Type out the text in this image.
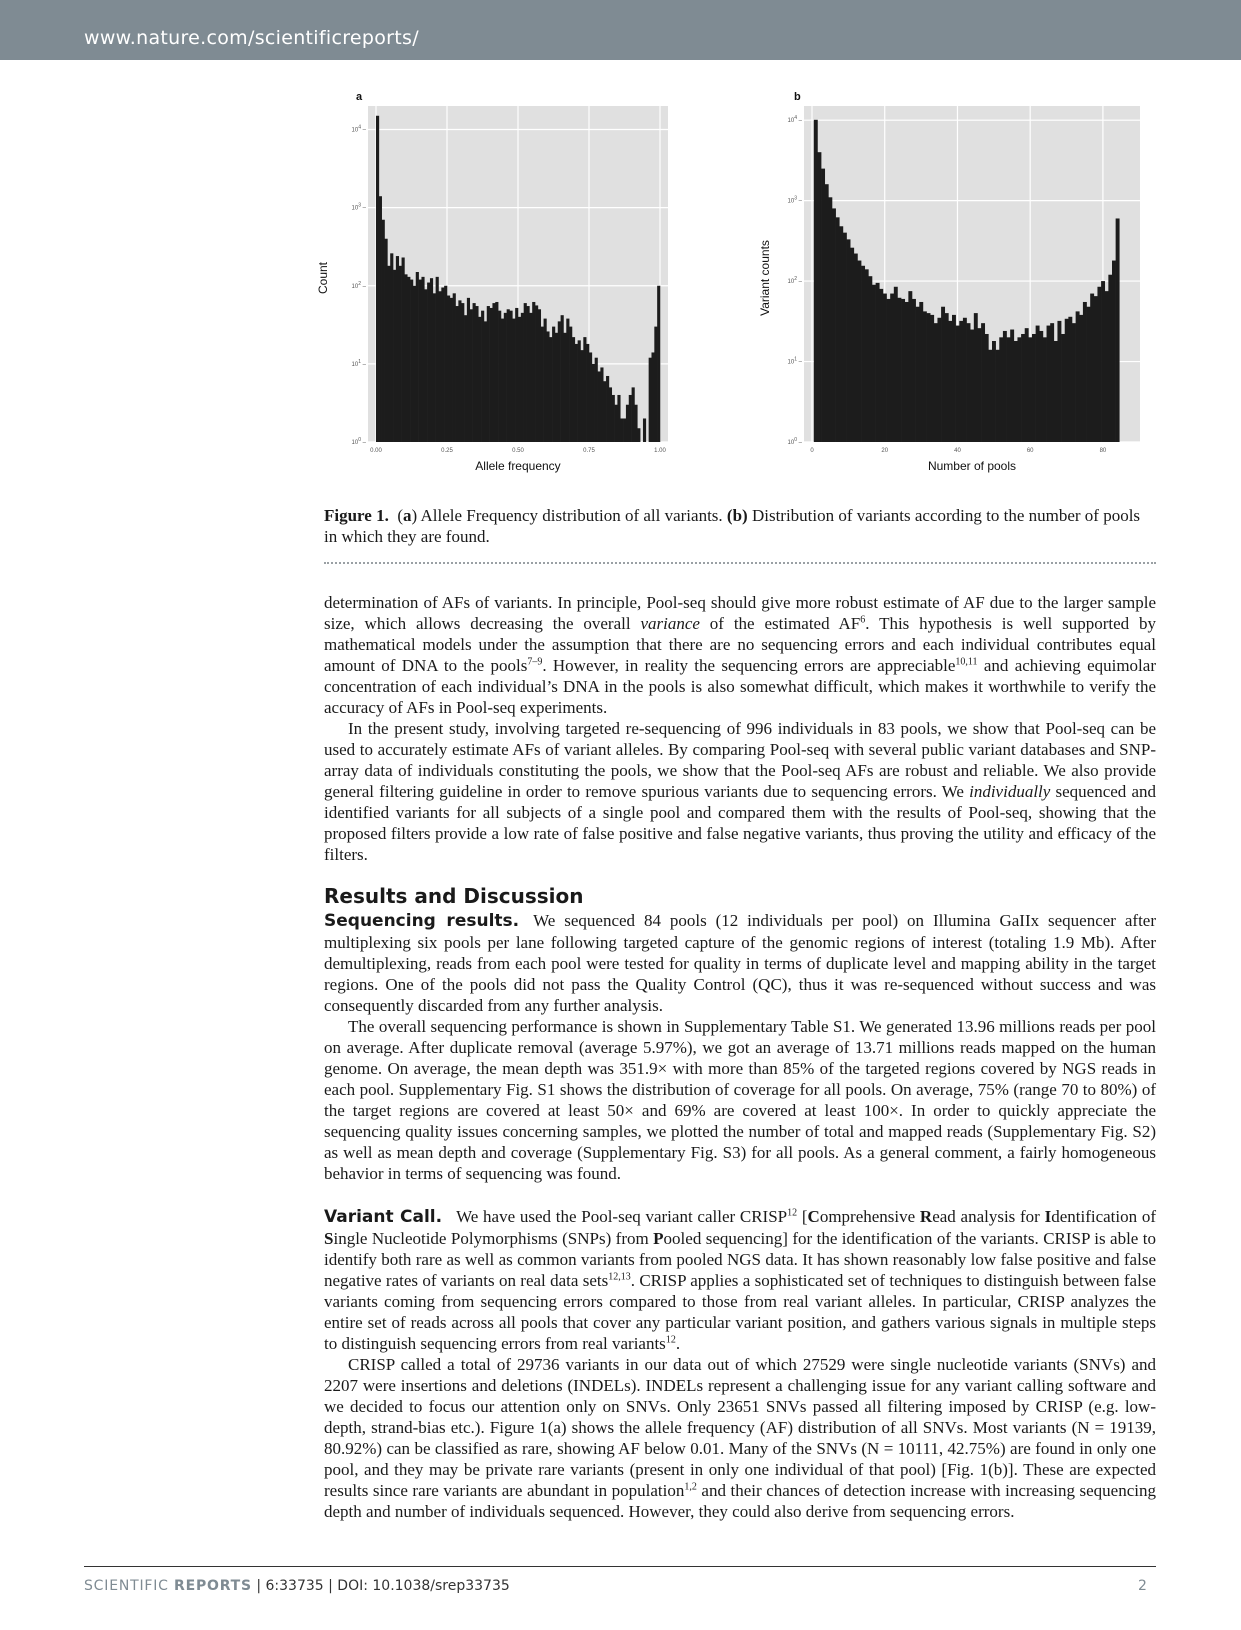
www.nature.com/scientificreports/
$10^0$ –
$10^1$ –
$10^2$ –
$10^3$ –
$10^4$ –
0.00	0.25	0.50	0.75	1.00
a
Allele frequency
Count
$10^0$ –
$10^1$ –
$10^2$ –
$10^3$ –
$10^4$ –
0	20	40	60	80
b
Number of pools
Variant counts
Figure 1.  (a) Allele Frequency distribution of all variants. (b) Distribution of variants according to the number of pools in which they are found.

determination of AFs of variants. In principle, Pool-seq should give more robust estimate of AF due to the larger sample size, which allows decreasing the overall variance of the estimated $AF^6$. This hypothesis is well supported by mathematical models under the assumption that there are no sequencing errors and each individual contributes equal amount of DNA to the pools$^{7-9}$. However, in reality the sequencing errors are appreciable$^{10,11}$ and achieving equimolar concentration of each individual’s DNA in the pools is also somewhat difficult, which makes it worthwhile to verify the accuracy of AFs in Pool-seq experiments.

In the present study, involving targeted re-sequencing of 996 individuals in 83 pools, we show that Pool-seq can be used to accurately estimate AFs of variant alleles. By comparing Pool-seq with several public variant databases and SNP-array data of individuals constituting the pools, we show that the Pool-seq AFs are robust and reliable. We also provide general filtering guideline in order to remove spurious variants due to sequencing errors. We individually sequenced and identified variants for all subjects of a single pool and compared them with the results of Pool-seq, showing that the proposed filters provide a low rate of false positive and false negative variants, thus proving the utility and efficacy of the filters.

Results and Discussion

Sequencing results. We sequenced 84 pools (12 individuals per pool) on Illumina GaIIx sequencer after multiplexing six pools per lane following targeted capture of the genomic regions of interest (totaling 1.9 Mb). After demultiplexing, reads from each pool were tested for quality in terms of duplicate level and mapping ability in the target regions. One of the pools did not pass the Quality Control (QC), thus it was re-sequenced without success and was consequently discarded from any further analysis.

The overall sequencing performance is shown in Supplementary Table S1. We generated 13.96 millions reads per pool on average. After duplicate removal (average 5.97%), we got an average of 13.71 millions reads mapped on the human genome. On average, the mean depth was 351.9× with more than 85% of the targeted regions covered by NGS reads in each pool. Supplementary Fig. S1 shows the distribution of coverage for all pools. On average, 75% (range 70 to 80%) of the target regions are covered at least 50× and 69% are covered at least 100×. In order to quickly appreciate the sequencing quality issues concerning samples, we plotted the number of total and mapped reads (Supplementary Fig. S2) as well as mean depth and coverage (Supplementary Fig. S3) for all pools. As a general comment, a fairly homogeneous behavior in terms of sequencing was found.

Variant Call. We have used the Pool-seq variant caller CRISP$^{12}$ [Comprehensive Read analysis for Identification of Single Nucleotide Polymorphisms (SNPs) from Pooled sequencing] for the identification of the variants. CRISP is able to identify both rare as well as common variants from pooled NGS data. It has shown reasonably low false positive and false negative rates of variants on real data sets$^{12,13}$. CRISP applies a sophisticated set of techniques to distinguish between false variants coming from sequencing errors compared to those from real variant alleles. In particular, CRISP analyzes the entire set of reads across all pools that cover any particular variant position, and gathers various signals in multiple steps to distinguish sequencing errors from real variants$^{12}$.

CRISP called a total of 29736 variants in our data out of which 27529 were single nucleotide variants (SNVs) and 2207 were insertions and deletions (INDELs). INDELs represent a challenging issue for any variant calling software and we decided to focus our attention only on SNVs. Only 23651 SNVs passed all filtering imposed by CRISP (e.g. low-depth, strand-bias etc.). Figure 1(a) shows the allele frequency (AF) distribution of all SNVs. Most variants (N = 19139, 80.92%) can be classified as rare, showing AF below 0.01. Many of the SNVs (N = 10111, 42.75%) are found in only one pool, and they may be private rare variants (present in only one individual of that pool) [Fig. 1(b)]. These are expected results since rare variants are abundant in population$^{1,2}$ and their chances of detection increase with increasing sequencing depth and number of individuals sequenced. However, they could also derive from sequencing errors.

SCIENTIFIC REPORTS | 6:33735 | DOI: 10.1038/srep33735	2
